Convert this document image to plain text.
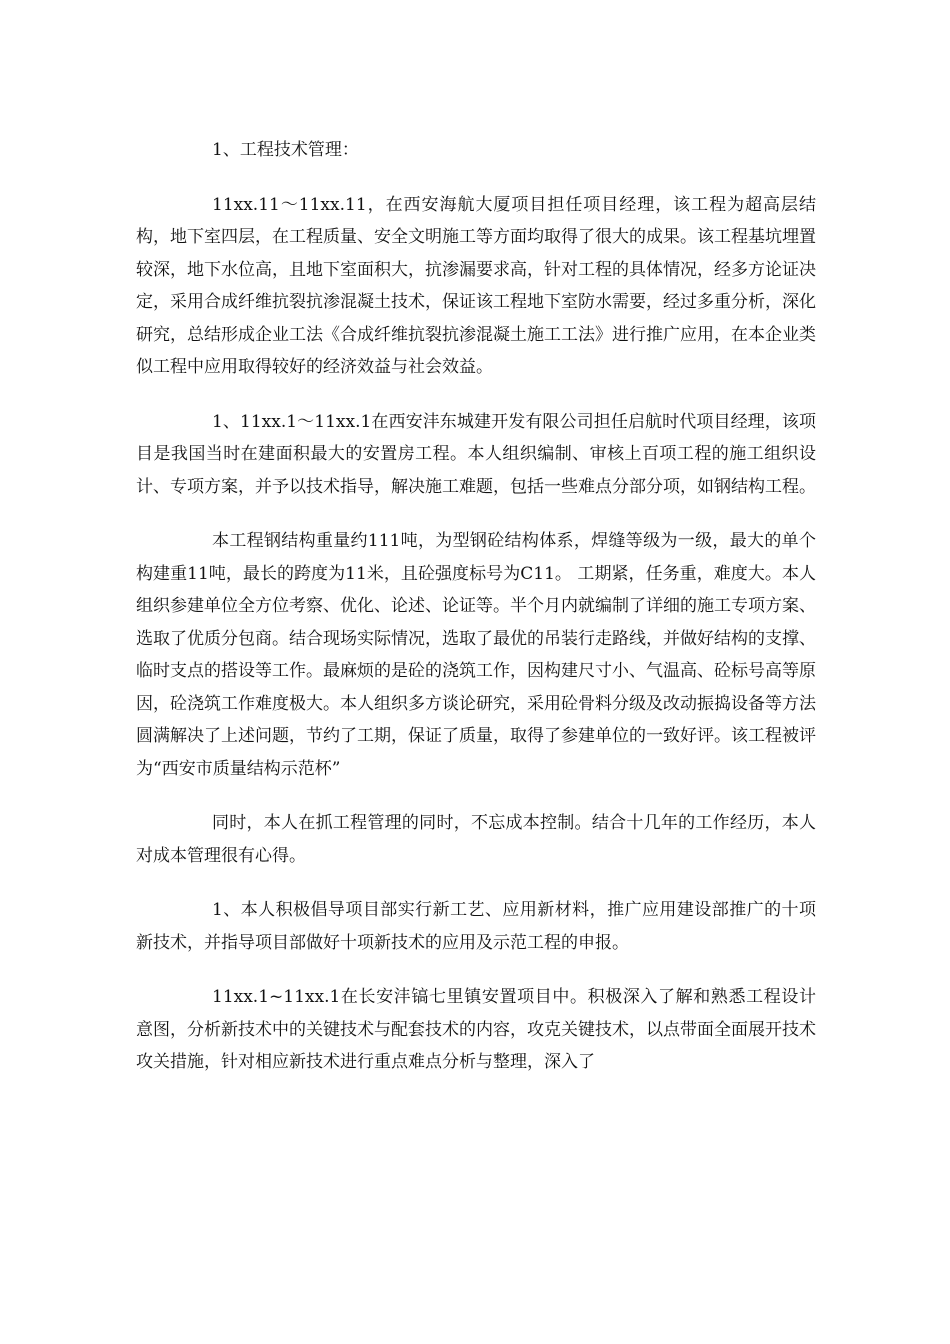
1、工程技术管理：

11xx.11～11xx.11，在西安海航大厦项目担任项目经理，该工程为超高层结构，地下室四层，在工程质量、安全文明施工等方面均取得了很大的成果。该工程基坑埋置较深，地下水位高，且地下室面积大，抗渗漏要求高，针对工程的具体情况，经多方论证决定，采用合成纤维抗裂抗渗混凝土技术，保证该工程地下室防水需要，经过多重分析，深化研究，总结形成企业工法《合成纤维抗裂抗渗混凝土施工工法》进行推广应用，在本企业类似工程中应用取得较好的经济效益与社会效益。

1、11xx.1～11xx.1在西安沣东城建开发有限公司担任启航时代项目经理，该项目是我国当时在建面积最大的安置房工程。本人组织编制、审核上百项工程的施工组织设计、专项方案，并予以技术指导，解决施工难题，包括一些难点分部分项，如钢结构工程。

本工程钢结构重量约111吨，为型钢砼结构体系，焊缝等级为一级，最大的单个构建重11吨，最长的跨度为11米，且砼强度标号为C11。 工期紧，任务重，难度大。本人组织参建单位全方位考察、优化、论述、论证等。半个月内就编制了详细的施工专项方案、选取了优质分包商。结合现场实际情况，选取了最优的吊装行走路线，并做好结构的支撑、临时支点的搭设等工作。最麻烦的是砼的浇筑工作，因构建尺寸小、气温高、砼标号高等原因，砼浇筑工作难度极大。本人组织多方谈论研究，采用砼骨料分级及改动振捣设备等方法圆满解决了上述问题，节约了工期，保证了质量，取得了参建单位的一致好评。该工程被评为“西安市质量结构示范杯”

同时，本人在抓工程管理的同时，不忘成本控制。结合十几年的工作经历，本人对成本管理很有心得。

1、本人积极倡导项目部实行新工艺、应用新材料，推广应用建设部推广的十项新技术，并指导项目部做好十项新技术的应用及示范工程的申报。

11xx.1~11xx.1在长安沣镐七里镇安置项目中。积极深入了解和熟悉工程设计意图，分析新技术中的关键技术与配套技术的内容，攻克关键技术，以点带面全面展开技术攻关措施，针对相应新技术进行重点难点分析与整理，深入了
